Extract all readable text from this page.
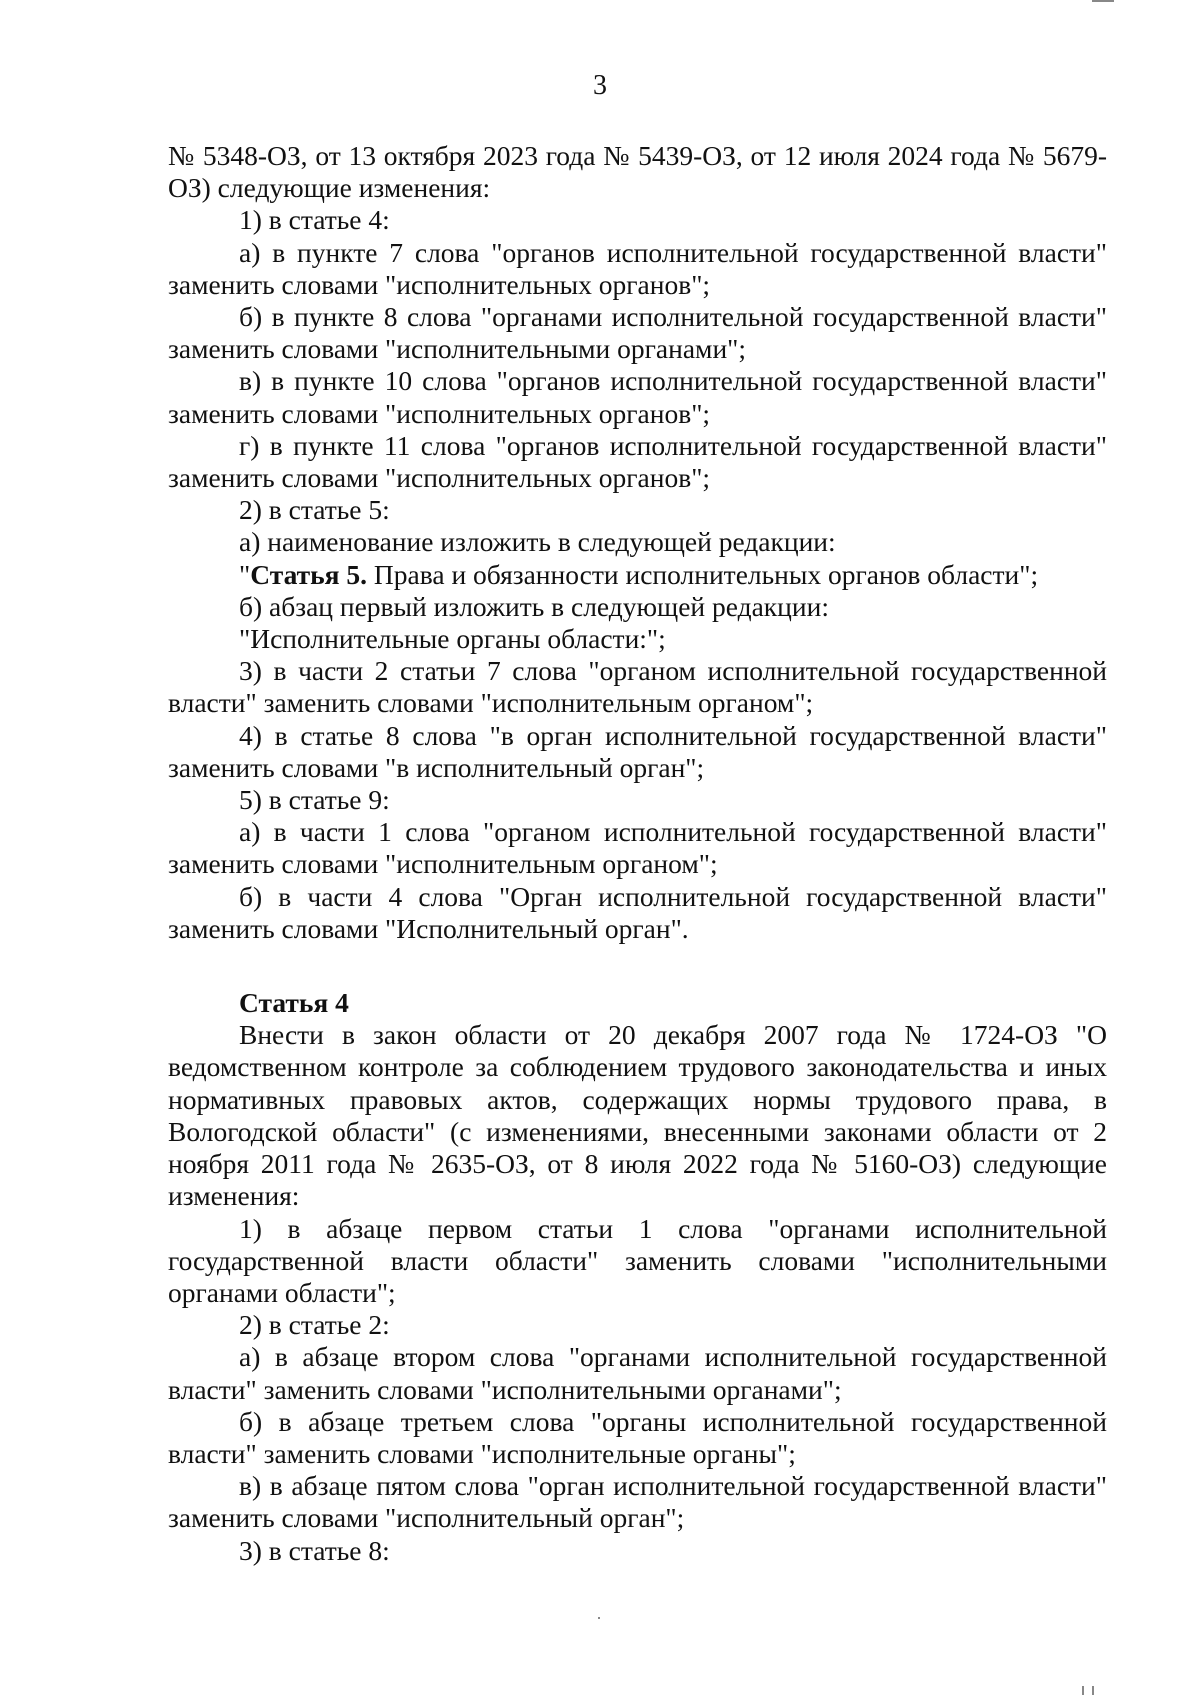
3

№ 5348-ОЗ, от 13 октября 2023 года № 5439-ОЗ, от 12 июля 2024 года № 5679-ОЗ) следующие изменения:

1) в статье 4:

а) в пункте 7 слова "органов исполнительной государственной власти" заменить словами "исполнительных органов";

б) в пункте 8 слова "органами исполнительной государственной власти" заменить словами "исполнительными органами";

в) в пункте 10 слова "органов исполнительной государственной власти" заменить словами "исполнительных органов";

г) в пункте 11 слова "органов исполнительной государственной власти" заменить словами "исполнительных органов";

2) в статье 5:

а) наименование изложить в следующей редакции:

"Статья 5. Права и обязанности исполнительных органов области";

б) абзац первый изложить в следующей редакции:

"Исполнительные органы области:";

3) в части 2 статьи 7 слова "органом исполнительной государственной власти" заменить словами "исполнительным органом";

4) в статье 8 слова "в орган исполнительной государственной власти" заменить словами "в исполнительный орган";

5) в статье 9:

а) в части 1 слова "органом исполнительной государственной власти" заменить словами "исполнительным органом";

б) в части 4 слова "Орган исполнительной государственной власти" заменить словами "Исполнительный орган".

Статья 4

Внести в закон области от 20 декабря 2007 года № 1724-ОЗ "О ведомственном контроле за соблюдением трудового законодательства и иных нормативных правовых актов, содержащих нормы трудового права, в Вологодской области" (с изменениями, внесенными законами области от 2 ноября 2011 года № 2635-ОЗ, от 8 июля 2022 года № 5160-ОЗ) следующие изменения:

1) в абзаце первом статьи 1 слова "органами исполнительной государственной власти области" заменить словами "исполнительными органами области";

2) в статье 2:

а) в абзаце втором слова "органами исполнительной государственной власти" заменить словами "исполнительными органами";

б) в абзаце третьем слова "органы исполнительной государственной власти" заменить словами "исполнительные органы";

в) в абзаце пятом слова "орган исполнительной государственной власти" заменить словами "исполнительный орган";

3) в статье 8:
